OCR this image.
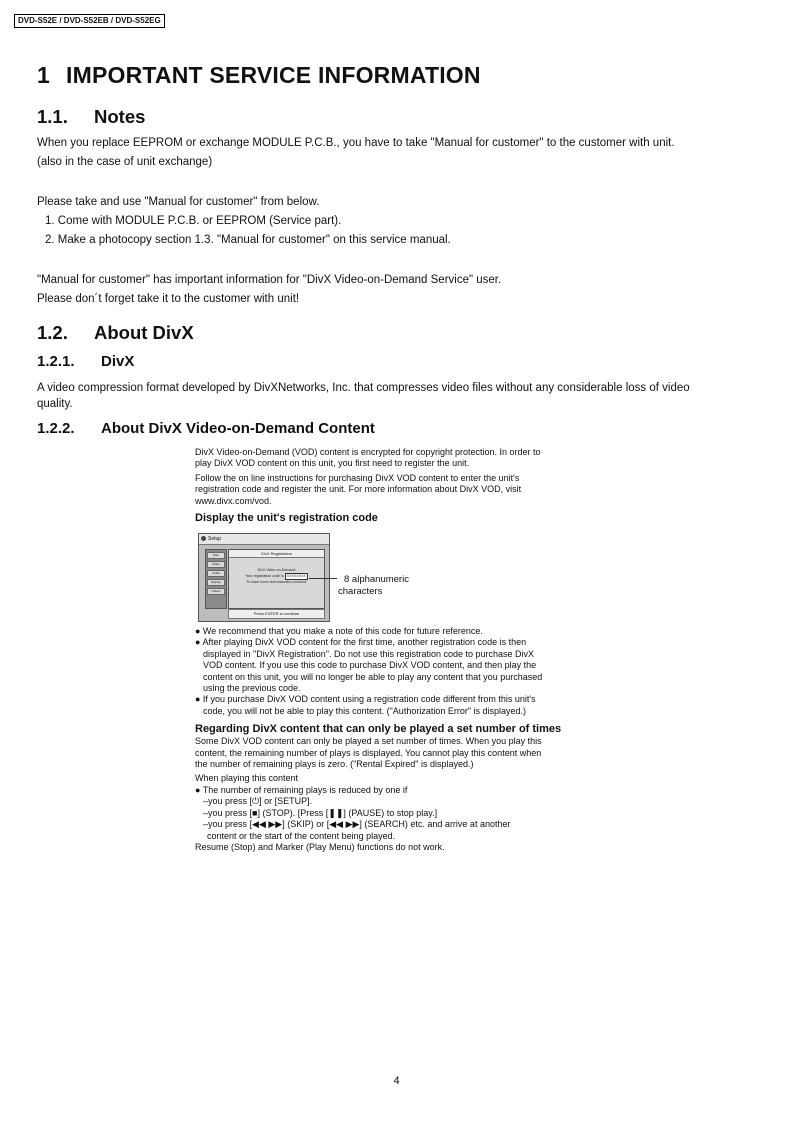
DVD-S52E / DVD-S52EB / DVD-S52EG
1 IMPORTANT SERVICE INFORMATION
1.1. Notes
When you replace EEPROM or exchange MODULE P.C.B., you have to take "Manual for customer" to the customer with unit.
(also in the case of unit exchange)
Please take and use "Manual for customer" from below.
1. Come with MODULE P.C.B. or EEPROM (Service part).
2. Make a photocopy section 1.3. "Manual for customer" on this service manual.
"Manual for customer" has important information for "DivX Video-on-Demand Service" user.
Please don´t forget take it to the customer with unit!
1.2. About DivX
1.2.1. DivX
A video compression format developed by DivXNetworks, Inc. that compresses video files without any considerable loss of video
quality.
1.2.2. About DivX Video-on-Demand Content
DivX Video-on-Demand (VOD) content is encrypted for copyright protection. In order to
play DivX VOD content on this unit, you first need to register the unit.
Follow the on line instructions for purchasing DivX VOD content to enter the unit's
registration code and register the unit. For more information about DivX VOD, visit
www.divx.com/vod.
Display the unit's registration code
Setup
Disc
Video
Audio
Display
Others
DivX Registration
DivX Video-on-Demand
Your registration code is XXXXXXXX
To learn more visit www.divx.com/vod
Press ENTER to continue
8 alphanumeric
characters
● We recommend that you make a note of this code for future reference.
● After playing DivX VOD content for the first time, another registration code is then
displayed in "DivX Registration". Do not use this registration code to purchase DivX
VOD content. If you use this code to purchase DivX VOD content, and then play the
content on this unit, you will no longer be able to play any content that you purchased
using the previous code.
● If you purchase DivX VOD content using a registration code different from this unit's
code, you will not be able to play this content. ("Authorization Error" is displayed.)
Regarding DivX content that can only be played a set number of times
Some DivX VOD content can only be played a set number of times. When you play this
content, the remaining number of plays is displayed. You cannot play this content when
the number of remaining plays is zero. ("Rental Expired" is displayed.)
When playing this content
● The number of remaining plays is reduced by one if
–you press [⏻] or [SETUP].
–you press [■] (STOP). [Press [❚❚] (PAUSE) to stop play.]
–you press [◀◀ ▶▶] (SKIP) or [◀◀ ▶▶] (SEARCH) etc. and arrive at another
content or the start of the content being played.
Resume (Stop) and Marker (Play Menu) functions do not work.
4
